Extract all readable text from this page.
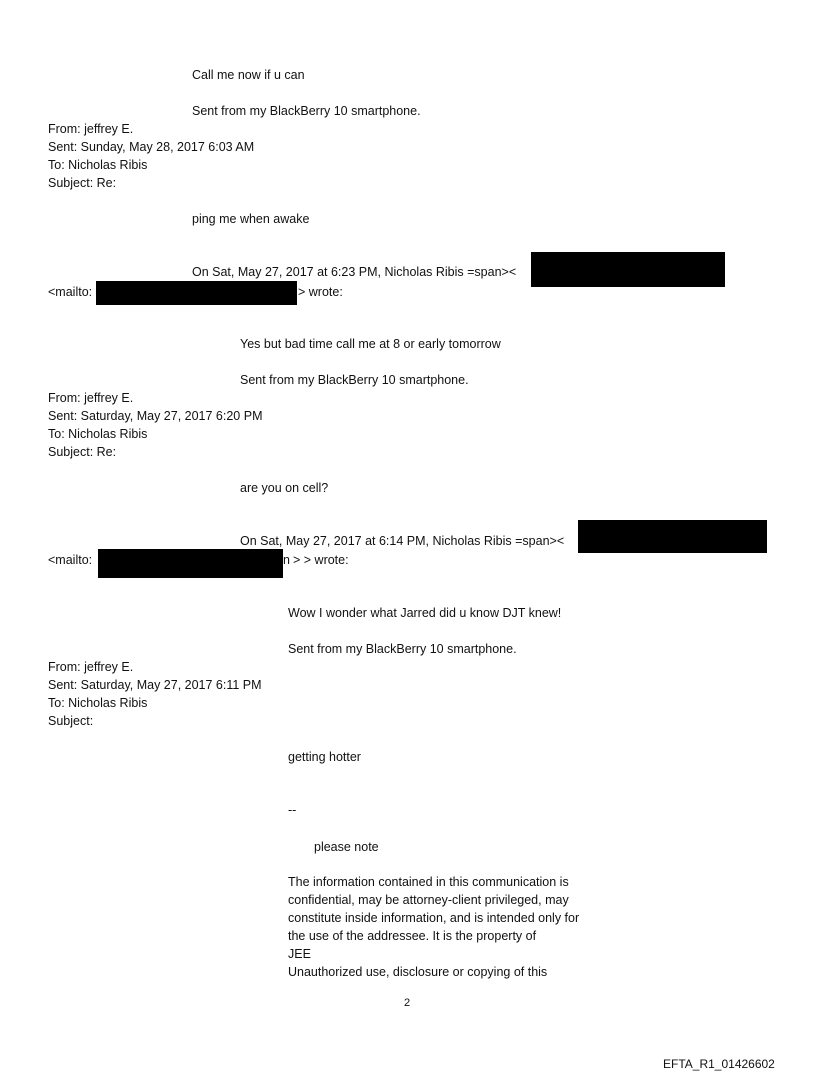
Call me now if u can
Sent from my BlackBerry 10 smartphone.
From: jeffrey E.
Sent: Sunday, May 28, 2017 6:03 AM
To: Nicholas Ribis
Subject: Re:
ping me when awake
On Sat, May 27, 2017 at 6:23 PM, Nicholas Ribis =span><
<mailto:	> wrote:
Yes but bad time call me at 8 or early tomorrow
Sent from my BlackBerry 10 smartphone.
From: jeffrey E.
Sent: Saturday, May 27, 2017 6:20 PM
To: Nicholas Ribis
Subject: Re:
are you on cell?
On Sat, May 27, 2017 at 6:14 PM, Nicholas Ribis =span><
<mailto:	n > > wrote:
Wow I wonder what Jarred did u know DJT knew!
Sent from my BlackBerry 10 smartphone.
From: jeffrey E.
Sent: Saturday, May 27, 2017 6:11 PM
To: Nicholas Ribis
Subject:
getting hotter
--
please note
The information contained in this communication is
confidential, may be attorney-client privileged, may
constitute inside information, and is intended only for
the use of the addressee. It is the property of
JEE
Unauthorized use, disclosure or copying of this
2
EFTA_R1_01426602
